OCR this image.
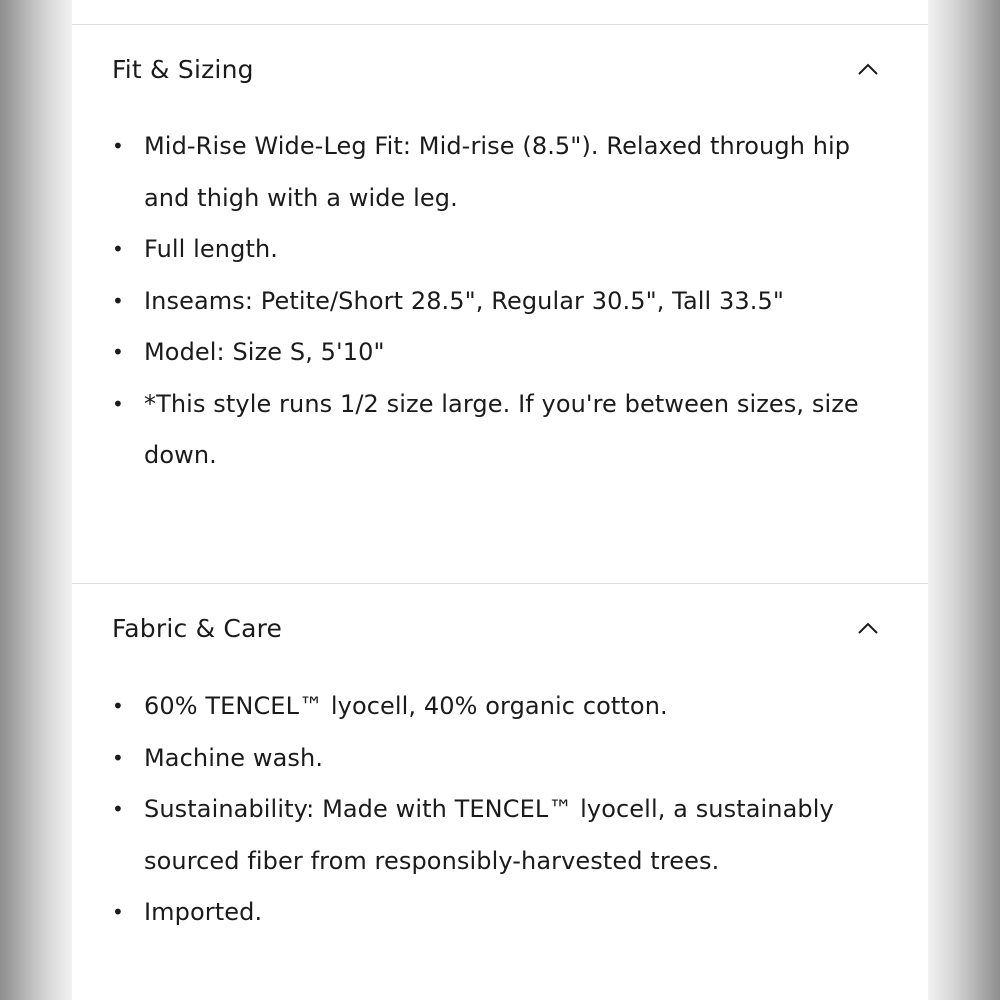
Fit & Sizing
• Mid-Rise Wide-Leg Fit: Mid-rise (8.5"). Relaxed through hip and thigh with a wide leg.
• Full length.
• Inseams: Petite/Short 28.5", Regular 30.5", Tall 33.5"
• Model: Size S, 5'10"
• *This style runs 1/2 size large. If you're between sizes, size down.
Fabric & Care
• 60% TENCEL™ lyocell, 40% organic cotton.
• Machine wash.
• Sustainability: Made with TENCEL™ lyocell, a sustainably sourced fiber from responsibly-harvested trees.
• Imported.
